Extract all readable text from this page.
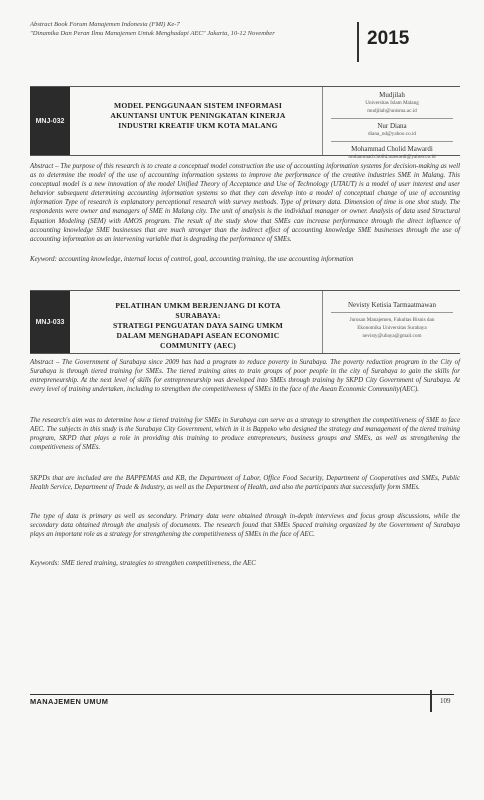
Abstract Book Forum Manajemen Indonesia (FMI) Ke-7
"Dinamika Dan Peran Ilmu Manajemen Untuk Menghadapi AEC" Jakarta, 10-12 November	2015
MNJ-032
MODEL PENGGUNAAN SISTEM INFORMASI
AKUNTANSI UNTUK PENINGKATAN KINERJA
INDUSTRI KREATIF UKM KOTA MALANG
Mudjilah
Universitas Islam Malang
mudjilah@unisma.ac.id
Nur Diana
diana_nd@yahoo.co.id
Mohammad Cholid Mawardi
mohammad.cholid.mawardi@yahoo.co.id
Abstract – The purpose of this research is to create a conceptual model construction the use of accounting information systems for decision-making as well as to determine the model of the use of accounting information systems to improve the performance of the creative industries SME in Malang. This conceptual model is a new innovation of the model Unified Theory of Acceptance and Use of Technology (UTAUT) is a model of user interest and user behavior subsequent determining accounting information systems so that they can develop into a model of conceptual change of use of accounting information Type of research is explanatory perceptional research with survey methods. Type of primary data. Dimension of time is one shot study. The respondents were owner and managers of SME in Malang city. The unit of analysis is the individual manager or owner. Analysis of data used Structural Equation Modeling (SEM) with AMOS program. The result of the study show that SMEs can increase performance through the direct influence of accounting knowledge SME businesses that are much stronger than the indirect effect of accounting knowledge SME businesses through the use of accounting information as an intervening variable that is degrading the performance of SMEs.
Keyword: accounting knowledge, internal locus of control, goal, accounting training, the use accounting information
MNJ-033
PELATIHAN UMKM BERJENJANG DI KOTA
SURABAYA:
STRATEGI PENGUATAN DAYA SAING UMKM
DALAM MENGHADAPI ASEAN ECONOMIC
COMMUNITY (AEC)
Nevisty Ketisia Tarmaatmawan
Jurusan Manajemen, Fakultas Bisnis dan
Ekonomika Universitas Surabaya
nevisty@ubaya@gmail.com
Abstract – The Government of Surabaya since 2009 has had a program to reduce poverty in Surabaya. The poverty reduction program in the City of Surabaya is through tiered training for SMEs. The tiered training aims to train groups of poor people in the city of Surabaya to gain the skills for entrepreneurship. At the next level of skills for entrepreneurship was developed into SMEs through training by SKPD City Government of Surabaya. At every level of training undertaken, including to strengthen the competitiveness of SMEs in the face of the Asean Economic Community(AEC).
The research's aim was to determine how a tiered training for SMEs in Surabaya can serve as a strategy to strengthen the competitiveness of SME to face AEC. The subjects in this study is the Surabaya City Government, which in it is Bappeko who designed the strategy and management of the tiered training program, SKPD that plays a role in providing this training to produce entrepreneurs, business groups and SMEs, as well as strengthening the competitiveness of SMEs.
SKPDs that are included are the BAPPEMAS and KB, the Department of Labor, Office Food Security, Department of Cooperatives and SMEs, Public Health Service, Department of Trade & Industry, as well as the Department of Health, and also the participants that successfully form SMEs.
The type of data is primary as well as secondary. Primary data were obtained through in-depth interviews and focus group discussions, while the secondary data obtained through the analysis of documents. The research found that SMEs Spaced training organized by the Government of Surabaya plays an important role as a strategy for strengthening the competitiveness of SMEs in the face of AEC.
Keywords: SME tiered training, strategies to strengthen competitiveness, the AEC
MANAJEMEN UMUM	109
